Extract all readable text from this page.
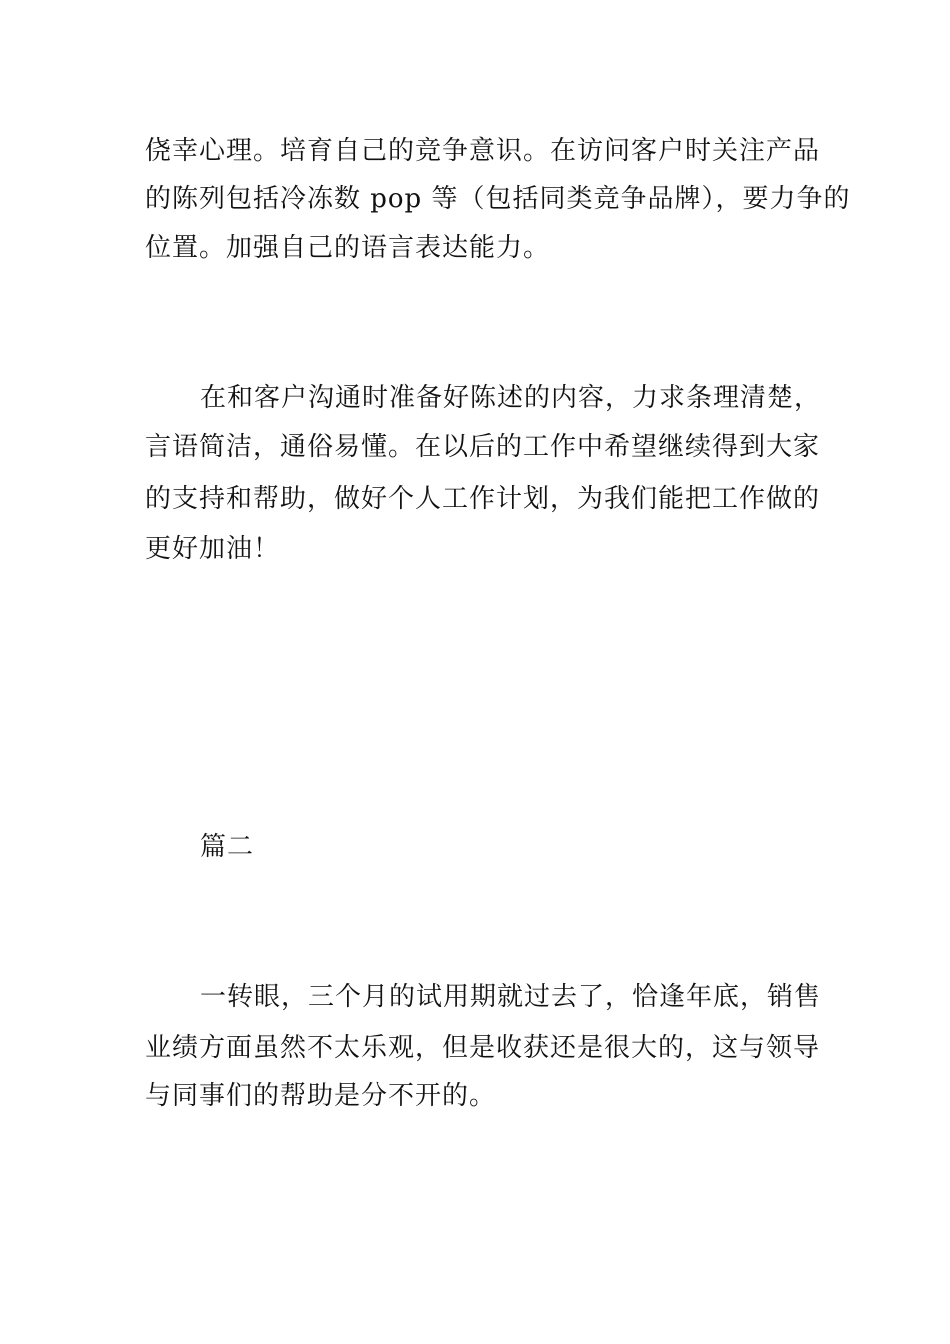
侥幸心理。培育自己的竞争意识。在访问客户时关注产品
的陈列包括冷冻数 pop 等（包括同类竞争品牌），要力争的
位置。加强自己的语言表达能力。
在和客户沟通时准备好陈述的内容，力求条理清楚，
言语简洁，通俗易懂。在以后的工作中希望继续得到大家
的支持和帮助，做好个人工作计划，为我们能把工作做的
更好加油！
篇二
一转眼，三个月的试用期就过去了，恰逢年底，销售
业绩方面虽然不太乐观，但是收获还是很大的，这与领导
与同事们的帮助是分不开的。
